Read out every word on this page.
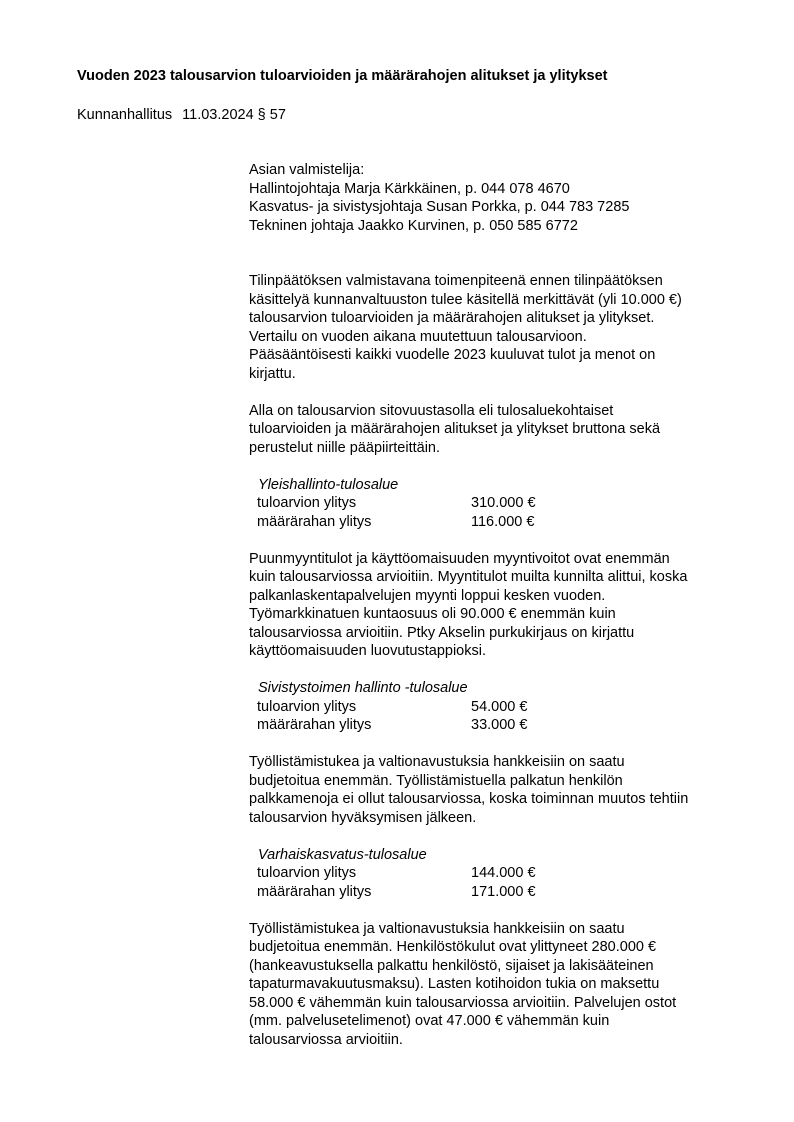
Vuoden 2023 talousarvion tuloarvioiden ja määrärahojen alitukset ja ylitykset
Kunnanhallitus 11.03.2024 § 57
Asian valmistelija:
Hallintojohtaja Marja Kärkkäinen, p. 044 078 4670
Kasvatus- ja sivistysjohtaja Susan Porkka, p. 044 783 7285
Tekninen johtaja Jaakko Kurvinen, p. 050 585 6772
Tilinpäätöksen valmistavana toimenpiteenä ennen tilinpäätöksen
käsittelyä kunnanvaltuuston tulee käsitellä merkittävät (yli 10.000 €)
talousarvion tuloarvioiden ja määrärahojen alitukset ja ylitykset.
Vertailu on vuoden aikana muutettuun talousarvioon.
Pääsääntöisesti kaikki vuodelle 2023 kuuluvat tulot ja menot on
kirjattu.
Alla on talousarvion sitovuustasolla eli tulosaluekohtaiset
tuloarvioiden ja määrärahojen alitukset ja ylitykset bruttona sekä
perustelut niille pääpiirteittäin.
Yleishallinto-tulosalue
tuloarvion ylitys	310.000 €
määrärahan ylitys	116.000 €
Puunmyyntitulot ja käyttöomaisuuden myyntivoitot ovat enemmän
kuin talousarviossa arvioitiin. Myyntitulot muilta kunnilta alittui, koska
palkanlaskentapalvelujen myynti loppui kesken vuoden.
Työmarkkinatuen kuntaosuus oli 90.000 € enemmän kuin
talousarviossa arvioitiin. Ptky Akselin purkukirjaus on kirjattu
käyttöomaisuuden luovutustappioksi.
Sivistystoimen hallinto -tulosalue
tuloarvion ylitys	54.000 €
määrärahan ylitys	33.000 €
Työllistämistukea ja valtionavustuksia hankkeisiin on saatu
budjetoitua enemmän. Työllistämistuella palkatun henkilön
palkkamenoja ei ollut talousarviossa, koska toiminnan muutos tehtiin
talousarvion hyväksymisen jälkeen.
Varhaiskasvatus-tulosalue
tuloarvion ylitys	144.000 €
määrärahan ylitys	171.000 €
Työllistämistukea ja valtionavustuksia hankkeisiin on saatu
budjetoitua enemmän. Henkilöstökulut ovat ylittyneet 280.000 €
(hankeavustuksella palkattu henkilöstö, sijaiset ja lakisääteinen
tapaturmavakuutusmaksu). Lasten kotihoidon tukia on maksettu
58.000 € vähemmän kuin talousarviossa arvioitiin. Palvelujen ostot
(mm. palvelusetelimenot) ovat 47.000 € vähemmän kuin
talousarviossa arvioitiin.
